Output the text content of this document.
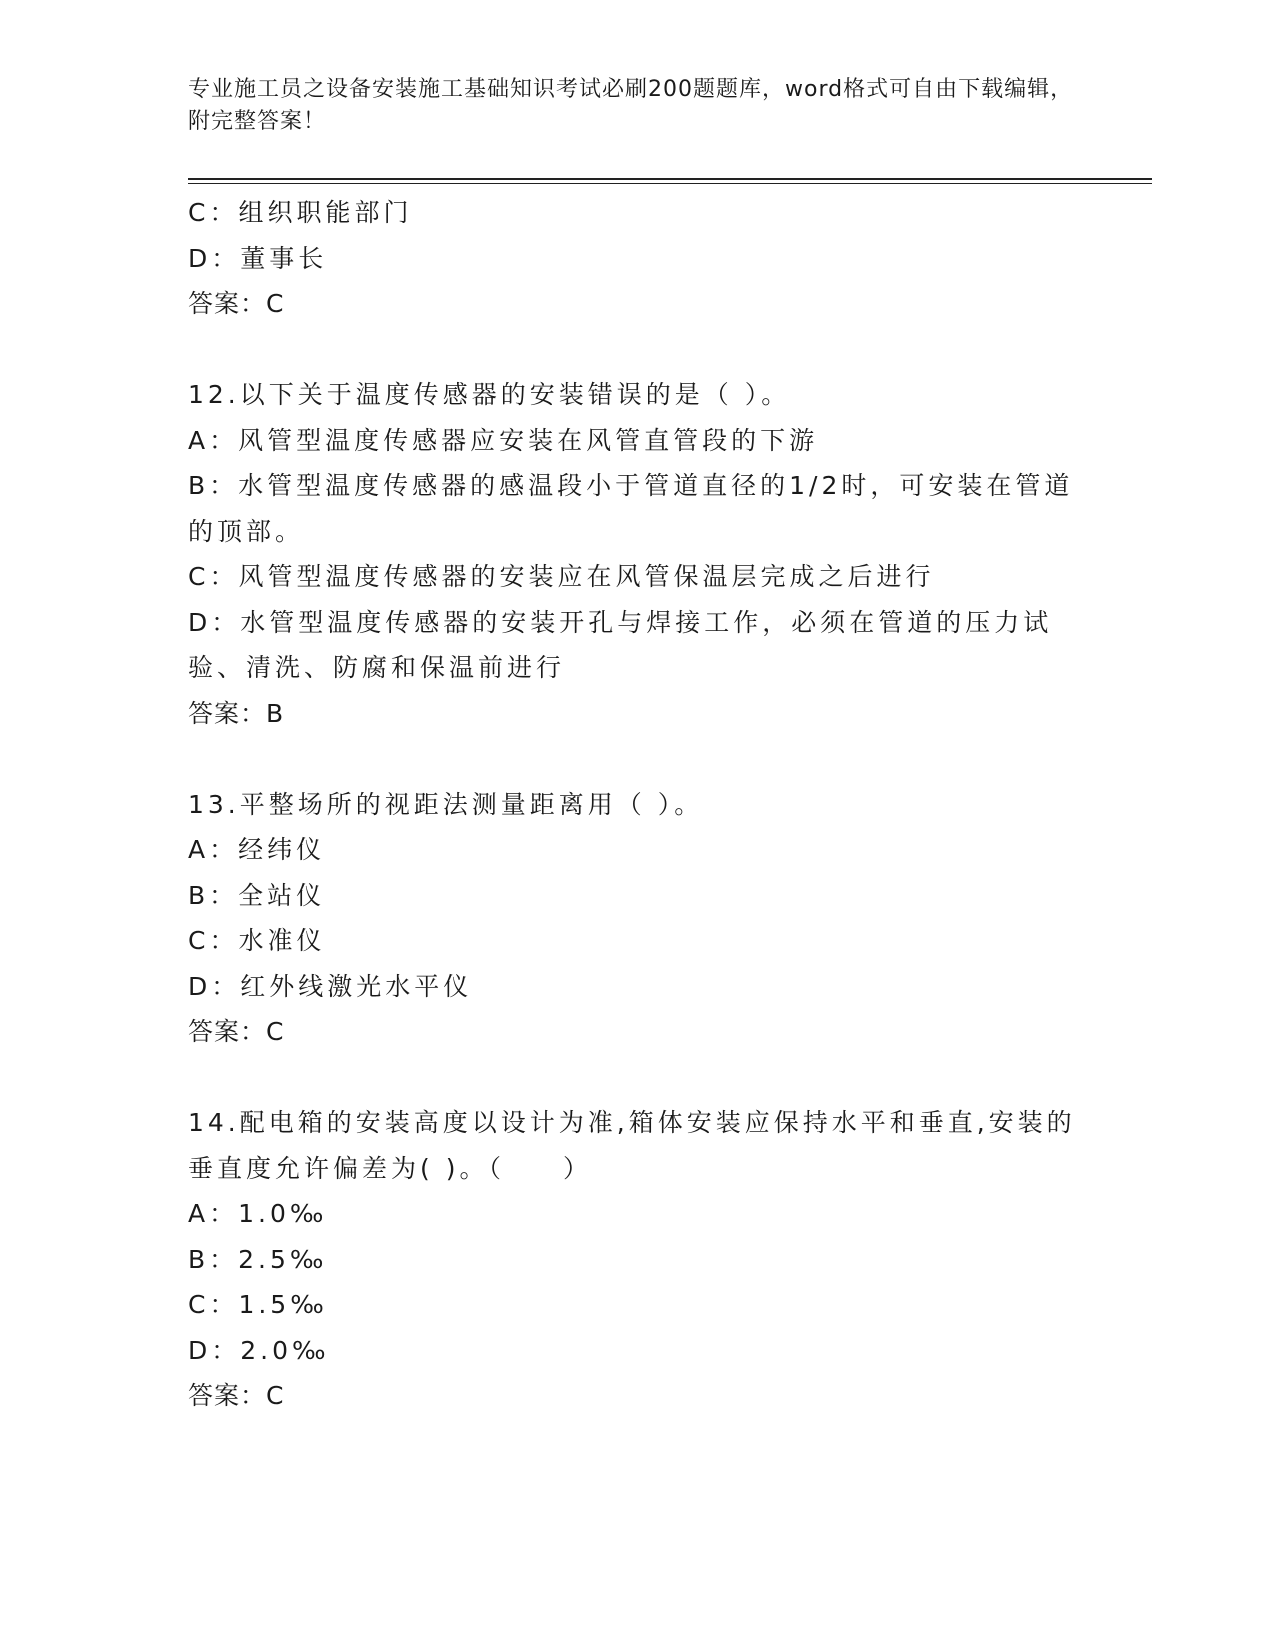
专业施工员之设备安装施工基础知识考试必刷200题题库，word格式可自由下载编辑，附完整答案！
C：组织职能部门
D：董事长
答案：C
12.以下关于温度传感器的安装错误的是（ ）。
A：风管型温度传感器应安装在风管直管段的下游
B：水管型温度传感器的感温段小于管道直径的1/2时，可安装在管道的顶部。
C：风管型温度传感器的安装应在风管保温层完成之后进行
D：水管型温度传感器的安装开孔与焊接工作，必须在管道的压力试验、清洗、防腐和保温前进行
答案：B
13.平整场所的视距法测量距离用（ ）。
A：经纬仪
B：全站仪
C：水准仪
D：红外线激光水平仪
答案：C
14.配电箱的安装高度以设计为准,箱体安装应保持水平和垂直,安装的垂直度允许偏差为( )。（　　）
A：1.0‰
B：2.5‰
C：1.5‰
D：2.0‰
答案：C
